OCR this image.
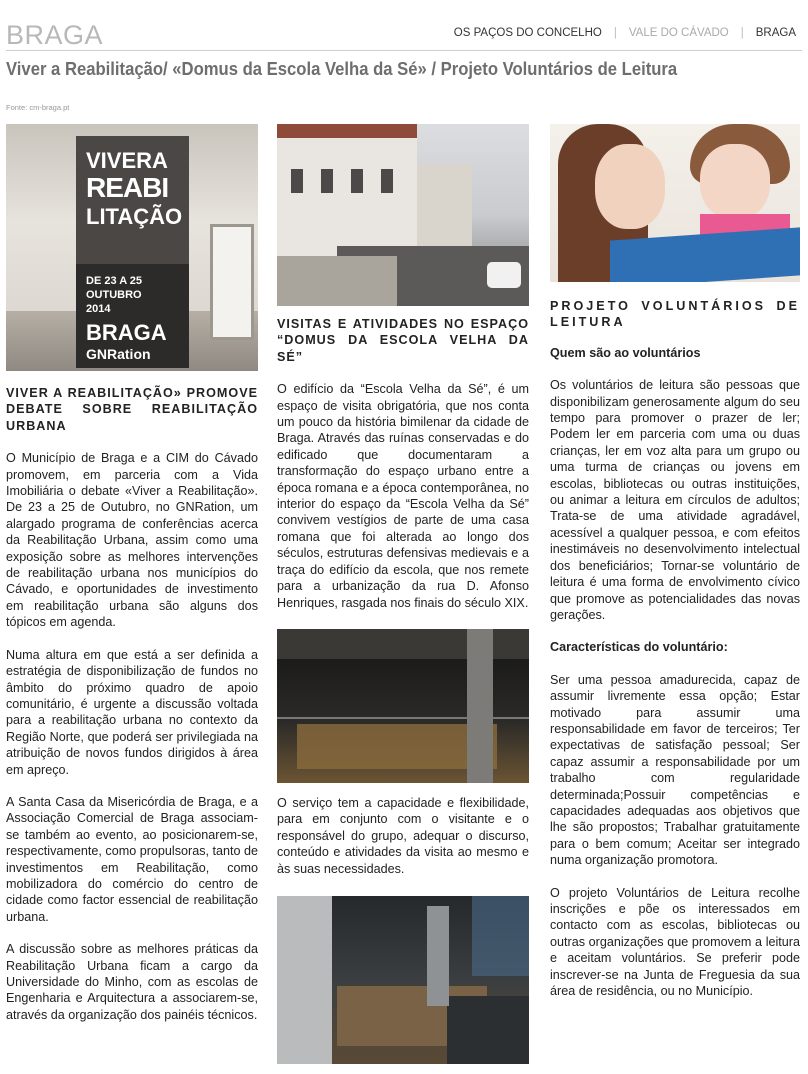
BRAGA	OS PAÇOS DO CONCELHO | VALE DO CÁVADO | BRAGA
Viver a Reabilitação/ «Domus da Escola Velha da Sé» / Projeto Voluntários de Leitura
Fonte: cm-braga.pt
VIVERA
REABI
LITAÇÃO
DE 23 A 25
OUTUBRO
2014
BRAGA
GNRation

VIVER A REABILITAÇÃO» PROMOVE DEBATE SOBRE REABILITAÇÃO URBANA

O Município de Braga e a CIM do Cávado promovem, em parceria com a Vida Imobiliária o debate «Viver a Reabilitação». De 23 a 25 de Outubro, no GNRation, um alargado programa de conferências acerca da Reabilitação Urbana, assim como uma exposição sobre as melhores intervenções de reabilitação urbana nos municípios do Cávado, e oportunidades de investimento em reabilitação urbana são alguns dos tópicos em agenda.

Numa altura em que está a ser definida a estratégia de disponibilização de fundos no âmbito do próximo quadro de apoio comunitário, é urgente a discussão voltada para a reabilitação urbana no contexto da Região Norte, que poderá ser privilegiada na atribuição de novos fundos dirigidos à área em apreço.

A Santa Casa da Misericórdia de Braga, e a Associação Comercial de Braga associam-se também ao evento, ao posicionarem-se, respectivamente, como propulsoras, tanto de investimentos em Reabilitação, como mobilizadora do comércio do centro de cidade como factor essencial de reabilitação urbana.

A discussão sobre as melhores práticas da Reabilitação Urbana ficam a cargo da Universidade do Minho, com as escolas de Engenharia e Arquitectura a associarem-se, através da organização dos painéis técnicos.

VISITAS E ATIVIDADES NO ESPAÇO “DOMUS DA ESCOLA VELHA DA SÉ”

O edifício da “Escola Velha da Sé”, é um espaço de visita obrigatória, que nos conta um pouco da história bimilenar da cidade de Braga. Através das ruínas conservadas e do edificado que documentaram a transformação do espaço urbano entre a época romana e a época contemporânea, no interior do espaço da “Escola Velha da Sé” convivem vestígios de parte de uma casa romana que foi alterada ao longo dos séculos, estruturas defensivas medievais e a traça do edifício da escola, que nos remete para a urbanização da rua D. Afonso Henriques, rasgada nos finais do século XIX.

O serviço tem a capacidade e flexibilidade, para em conjunto com o visitante e o responsável do grupo, adequar o discurso, conteúdo e atividades da visita ao mesmo e às suas necessidades.

PROJETO VOLUNTÁRIOS DE LEITURA

Quem são ao voluntários

Os voluntários de leitura são pessoas que disponibilizam generosamente algum do seu tempo para promover o prazer de ler; Podem ler em parceria com uma ou duas crianças, ler em voz alta para um grupo ou uma turma de crianças ou jovens em escolas, bibliotecas ou outras instituições, ou animar a leitura em círculos de adultos; Trata-se de uma atividade agradável, acessível a qualquer pessoa, e com efeitos inestimáveis no desenvolvimento intelectual dos beneficiários; Tornar-se voluntário de leitura é uma forma de envolvimento cívico que promove as potencialidades das novas gerações.

Características do voluntário:

Ser uma pessoa amadurecida, capaz de assumir livremente essa opção; Estar motivado para assumir uma responsabilidade em favor de terceiros; Ter expectativas de satisfação pessoal; Ser capaz assumir a responsabilidade por um trabalho com regularidade determinada;Possuir competências e capacidades adequadas aos objetivos que lhe são propostos; Trabalhar gratuitamente para o bem comum; Aceitar ser integrado numa organização promotora.

O projeto Voluntários de Leitura recolhe inscrições e põe os interessados em contacto com as escolas, bibliotecas ou outras organizações que promovem a leitura e aceitam voluntários. Se preferir pode inscrever-se na Junta de Freguesia da sua área de residência, ou no Município.
